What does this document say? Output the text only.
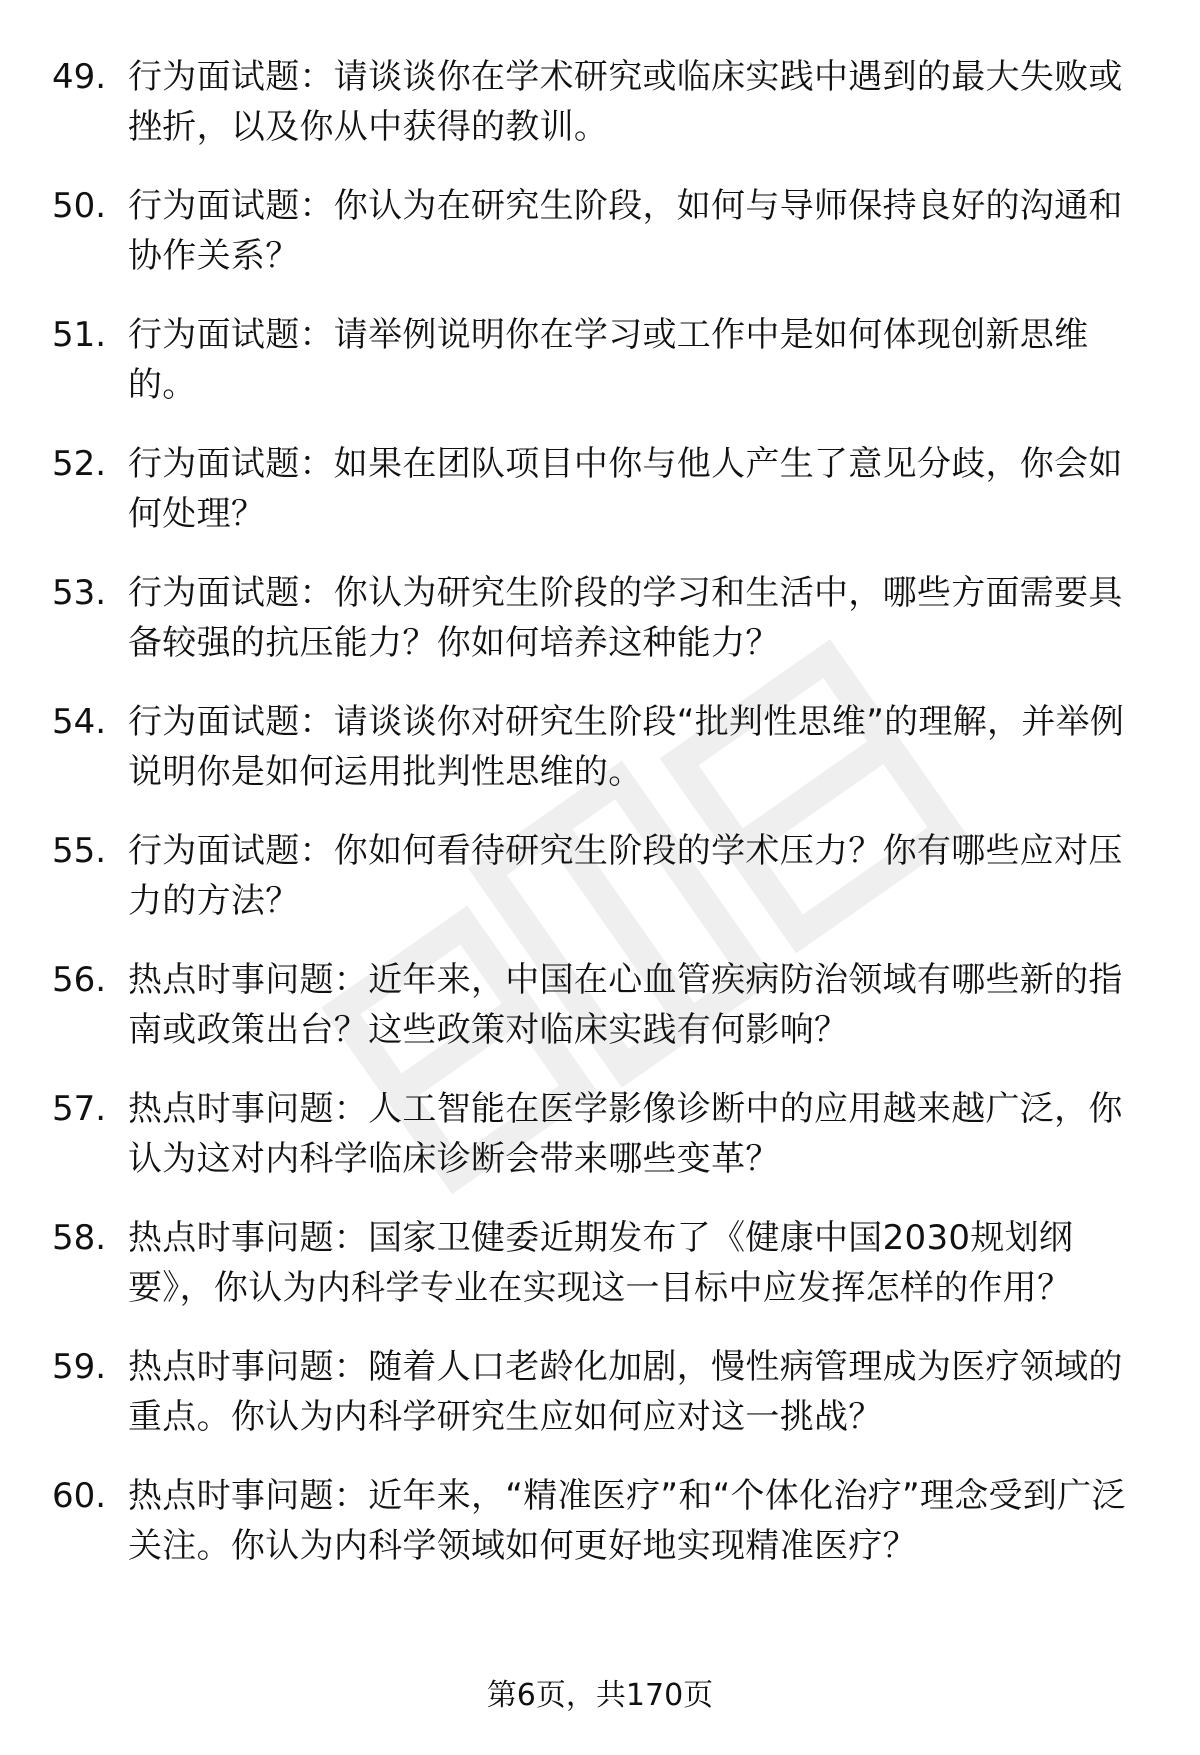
49. 行为面试题：请谈谈你在学术研究或临床实践中遇到的最大失败或挫折，以及你从中获得的教训。
50. 行为面试题：你认为在研究生阶段，如何与导师保持良好的沟通和协作关系？
51. 行为面试题：请举例说明你在学习或工作中是如何体现创新思维的。
52. 行为面试题：如果在团队项目中你与他人产生了意见分歧，你会如何处理？
53. 行为面试题：你认为研究生阶段的学习和生活中，哪些方面需要具备较强的抗压能力？你如何培养这种能力？
54. 行为面试题：请谈谈你对研究生阶段“批判性思维”的理解，并举例说明你是如何运用批判性思维的。
55. 行为面试题：你如何看待研究生阶段的学术压力？你有哪些应对压力的方法？
56. 热点时事问题：近年来，中国在心血管疾病防治领域有哪些新的指南或政策出台？这些政策对临床实践有何影响？
57. 热点时事问题：人工智能在医学影像诊断中的应用越来越广泛，你认为这对内科学临床诊断会带来哪些变革？
58. 热点时事问题：国家卫健委近期发布了《健康中国2030规划纲要》，你认为内科学专业在实现这一目标中应发挥怎样的作用？
59. 热点时事问题：随着人口老龄化加剧，慢性病管理成为医疗领域的重点。你认为内科学研究生应如何应对这一挑战？
60. 热点时事问题：近年来，“精准医疗”和“个体化治疗”理念受到广泛关注。你认为内科学领域如何更好地实现精准医疗？
第6页，共170页
